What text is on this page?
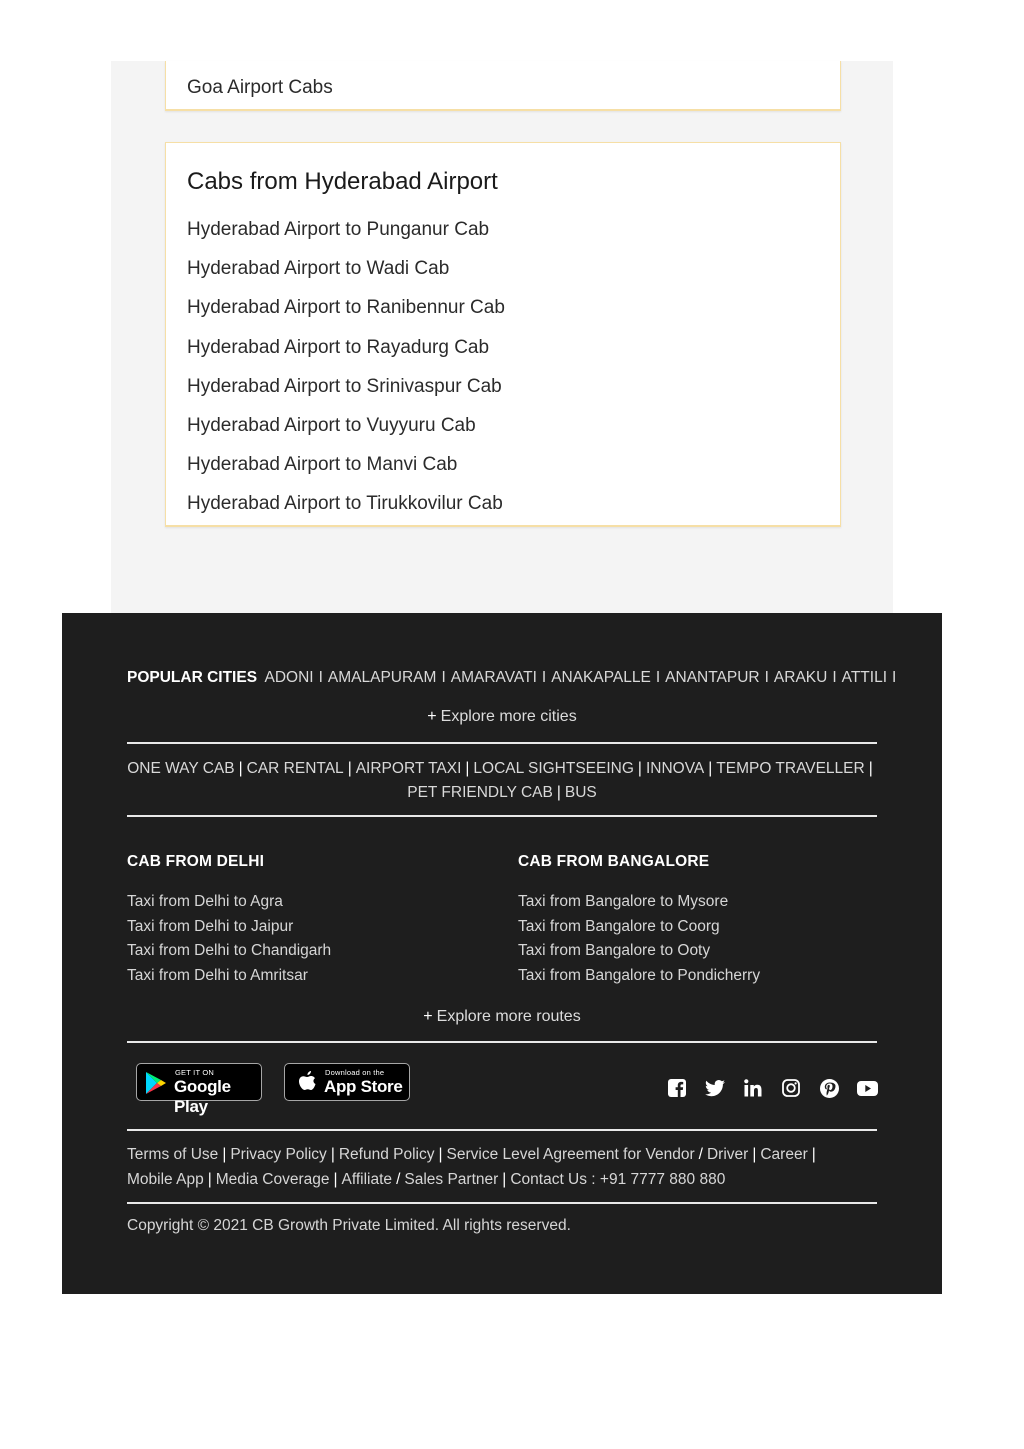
Goa Airport Cabs
Cabs from Hyderabad Airport
Hyderabad Airport to Punganur Cab
Hyderabad Airport to Wadi Cab
Hyderabad Airport to Ranibennur Cab
Hyderabad Airport to Rayadurg Cab
Hyderabad Airport to Srinivaspur Cab
Hyderabad Airport to Vuyyuru Cab
Hyderabad Airport to Manvi Cab
Hyderabad Airport to Tirukkovilur Cab
POPULAR CITIES ADONI I AMALAPURAM I AMARAVATI I ANAKAPALLE I ANANTAPUR I ARAKU I ATTILI I
+ Explore more cities
ONE WAY CAB | CAR RENTAL | AIRPORT TAXI | LOCAL SIGHTSEEING | INNOVA | TEMPO TRAVELLER |
PET FRIENDLY CAB | BUS
CAB FROM DELHI
Taxi from Delhi to Agra
Taxi from Delhi to Jaipur
Taxi from Delhi to Chandigarh
Taxi from Delhi to Amritsar
CAB FROM BANGALORE
Taxi from Bangalore to Mysore
Taxi from Bangalore to Coorg
Taxi from Bangalore to Ooty
Taxi from Bangalore to Pondicherry
+ Explore more routes
GET IT ON
Google Play
Download on the
App Store
Terms of Use | Privacy Policy | Refund Policy | Service Level Agreement for Vendor / Driver | Career |
Mobile App | Media Coverage | Affiliate / Sales Partner | Contact Us : +91 7777 880 880
Copyright © 2021 CB Growth Private Limited. All rights reserved.
